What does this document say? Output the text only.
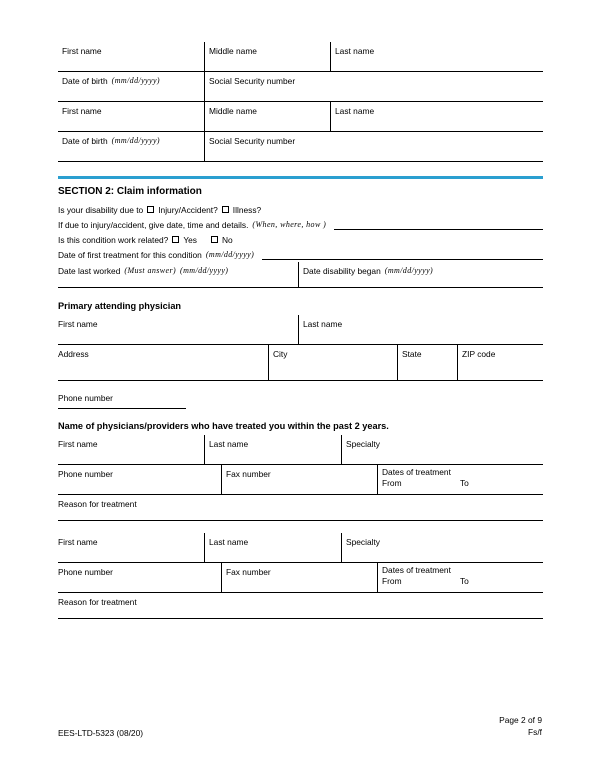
First name	Middle name	Last name
Date of birth (mm/dd/yyyy)	Social Security number
First name	Middle name	Last name
Date of birth (mm/dd/yyyy)	Social Security number
SECTION 2: Claim information
Is your disability due to Injury/Accident? Illness?
If due to injury/accident, give date, time and details. (When, where, how )
Is this condition work related? Yes	No
Date of first treatment for this condition (mm/dd/yyyy)
Date last worked (Must answer) (mm/dd/yyyy)	Date disability began (mm/dd/yyyy)
Primary attending physician
First name	Last name
Address	City	State	ZIP code
Phone number
Name of physicians/providers who have treated you within the past 2 years.
First name	Last name	Specialty
Phone number	Fax number	Dates of treatment
From	To
Reason for treatment
First name	Last name	Specialty
Phone number	Fax number	Dates of treatment
From	To
Reason for treatment
EES-LTD-5323 (08/20)
Page 2 of 9
Fs/f
